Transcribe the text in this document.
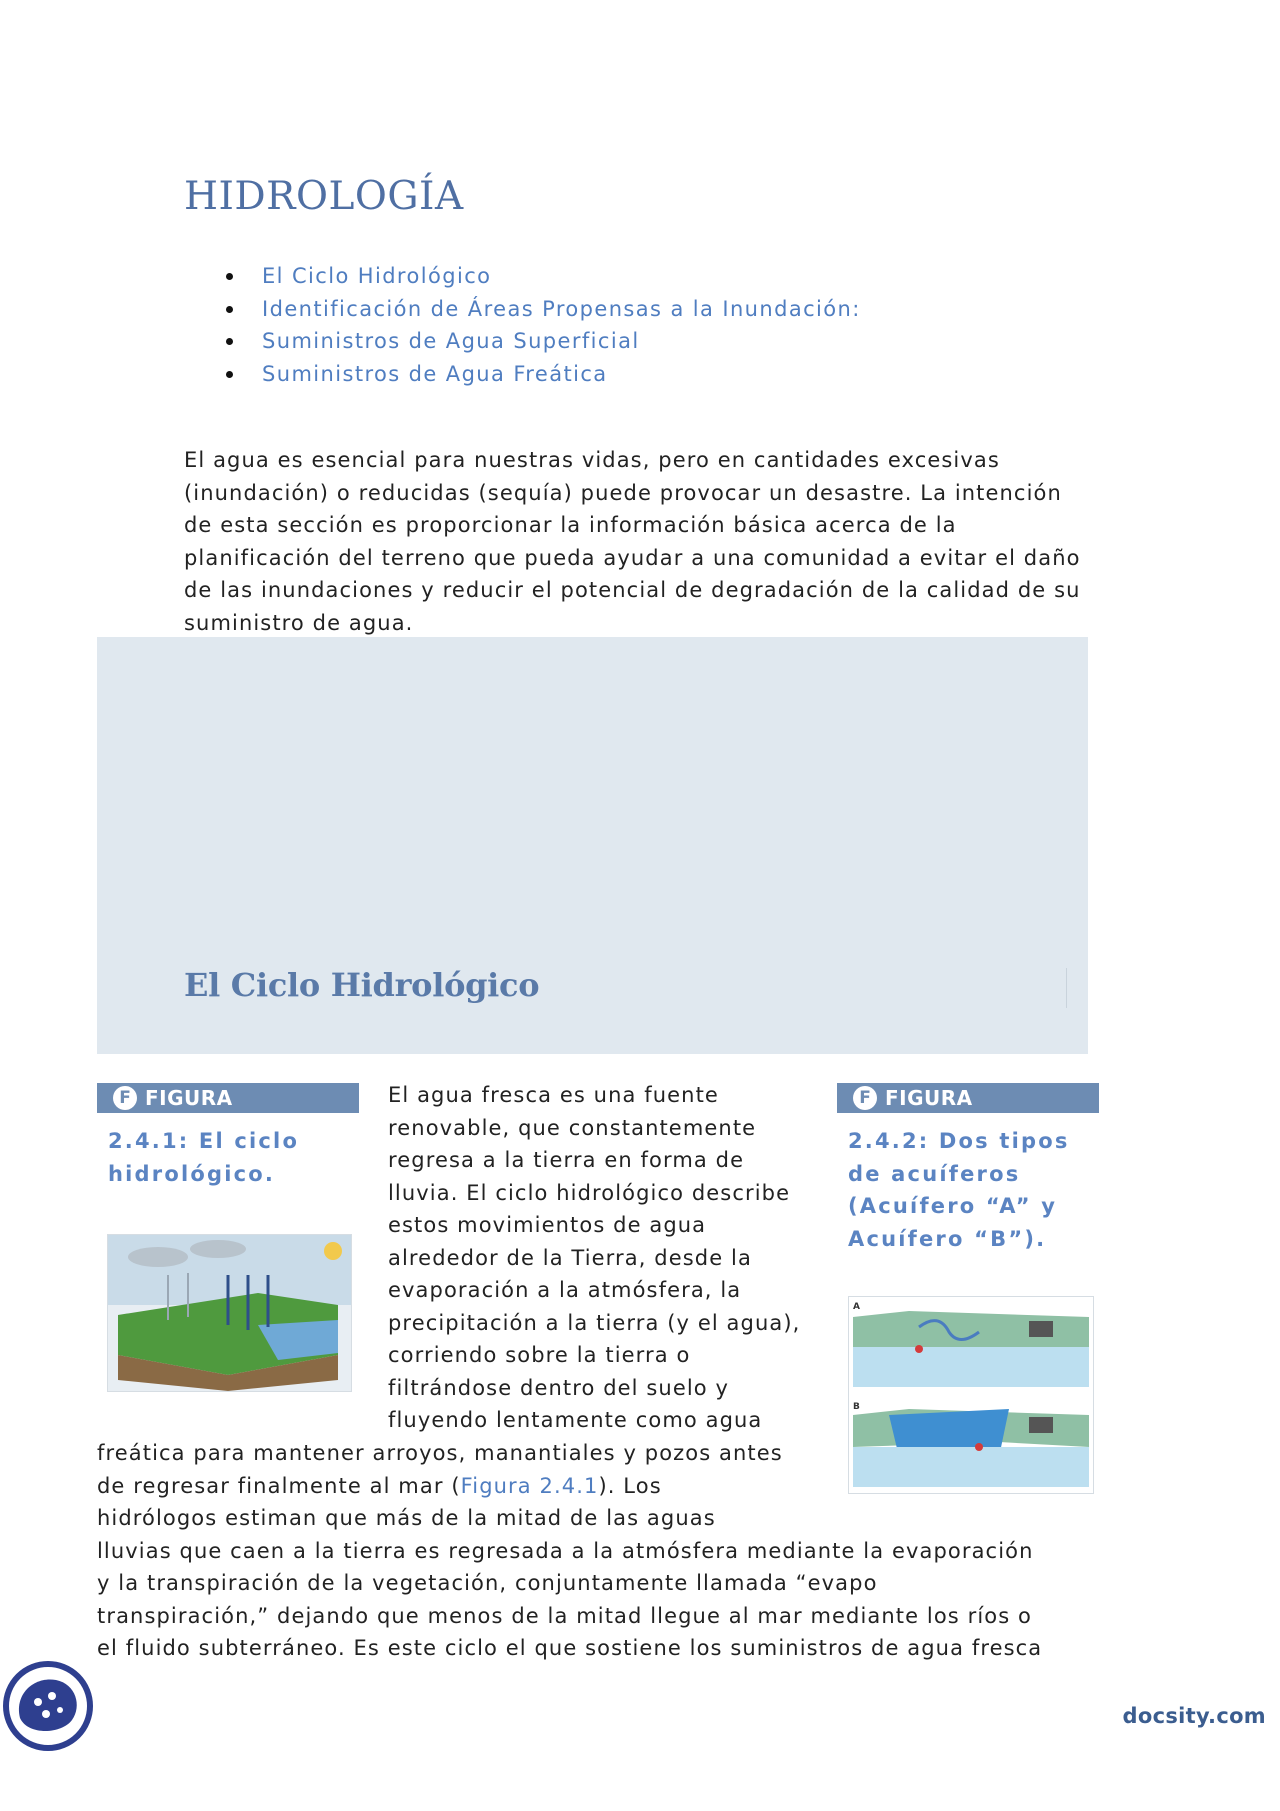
HIDROLOGÍA
El Ciclo Hidrológico
Identificación de Áreas Propensas a la Inundación:
Suministros de Agua Superficial
Suministros de Agua Freática

El agua es esencial para nuestras vidas, pero en cantidades excesivas (inundación) o reducidas (sequía) puede provocar un desastre. La intención de esta sección es proporcionar la información básica acerca de la planificación del terreno que pueda ayudar a una comunidad a evitar el daño de las inundaciones y reducir el potencial de degradación de la calidad de su suministro de agua.

El Ciclo Hidrológico
F FIGURA
2.4.1: El ciclo
hidrológico.
F FIGURA
2.4.2: Dos tipos
de acuíferos
(Acuífero “A” y
Acuífero “B”).
A
B
El agua fresca es una fuente
renovable, que constantemente
regresa a la tierra en forma de
lluvia. El ciclo hidrológico describe
estos movimientos de agua
alrededor de la Tierra, desde la
evaporación a la atmósfera, la
precipitación a la tierra (y el agua),
corriendo sobre la tierra o
filtrándose dentro del suelo y
fluyendo lentamente como agua
freática para mantener arroyos, manantiales y pozos antes
de regresar finalmente al mar (Figura 2.4.1). Los
hidrólogos estiman que más de la mitad de las aguas
lluvias que caen a la tierra es regresada a la atmósfera mediante la evaporación
y la transpiración de la vegetación, conjuntamente llamada “evapo
transpiración,” dejando que menos de la mitad llegue al mar mediante los ríos o
el fluido subterráneo. Es este ciclo el que sostiene los suministros de agua fresca

docsity.com
